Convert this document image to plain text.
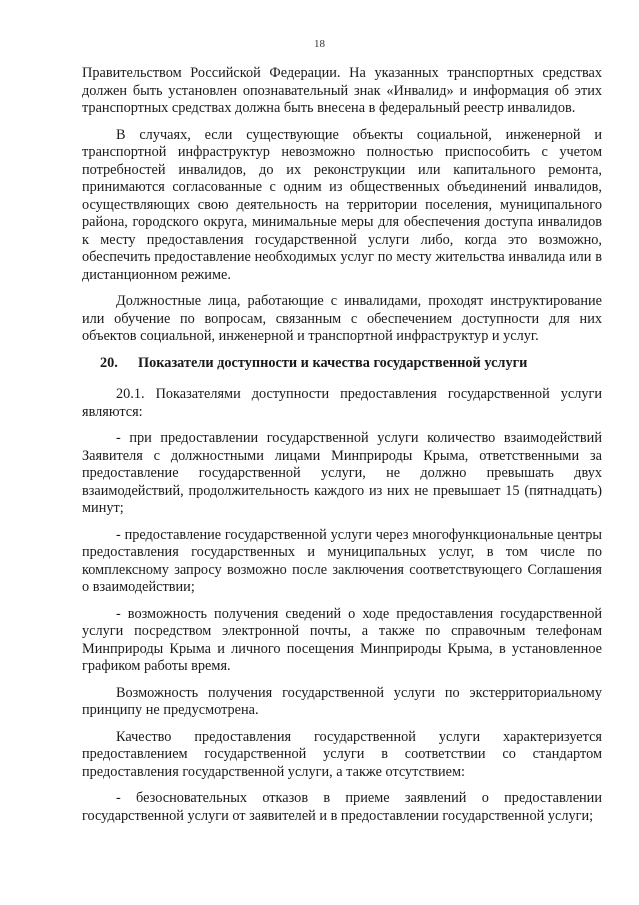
18

Правительством Российской Федерации. На указанных транспортных средствах должен быть установлен опознавательный знак «Инвалид» и информация об этих транспортных средствах должна быть внесена в федеральный реестр инвалидов.

В случаях, если существующие объекты социальной, инженерной и транспортной инфраструктур невозможно полностью приспособить с учетом потребностей инвалидов, до их реконструкции или капитального ремонта, принимаются согласованные с одним из общественных объединений инвалидов, осуществляющих свою деятельность на территории поселения, муниципального района, городского округа, минимальные меры для обеспечения доступа инвалидов к месту предоставления государственной услуги либо, когда это возможно, обеспечить предоставление необходимых услуг по месту жительства инвалида или в дистанционном режиме.

Должностные лица, работающие с инвалидами, проходят инструктирование или обучение по вопросам, связанным с обеспечением доступности для них объектов социальной, инженерной и транспортной инфраструктур и услуг.

20. Показатели доступности и качества государственной услуги

20.1. Показателями доступности предоставления государственной услуги являются:

- при предоставлении государственной услуги количество взаимодействий Заявителя с должностными лицами Минприроды Крыма, ответственными за предоставление государственной услуги, не должно превышать двух взаимодействий, продолжительность каждого из них не превышает 15 (пятнадцать) минут;

- предоставление государственной услуги через многофункциональные центры предоставления государственных и муниципальных услуг, в том числе по комплексному запросу возможно после заключения соответствующего Соглашения о взаимодействии;

- возможность получения сведений о ходе предоставления государственной услуги посредством электронной почты, а также по справочным телефонам Минприроды Крыма и личного посещения Минприроды Крыма, в установленное графиком работы время.

Возможность получения государственной услуги по экстерриториальному принципу не предусмотрена.

Качество предоставления государственной услуги характеризуется предоставлением государственной услуги в соответствии со стандартом предоставления государственной услуги, а также отсутствием:

- безосновательных отказов в приеме заявлений о предоставлении государственной услуги от заявителей и в предоставлении государственной услуги;
